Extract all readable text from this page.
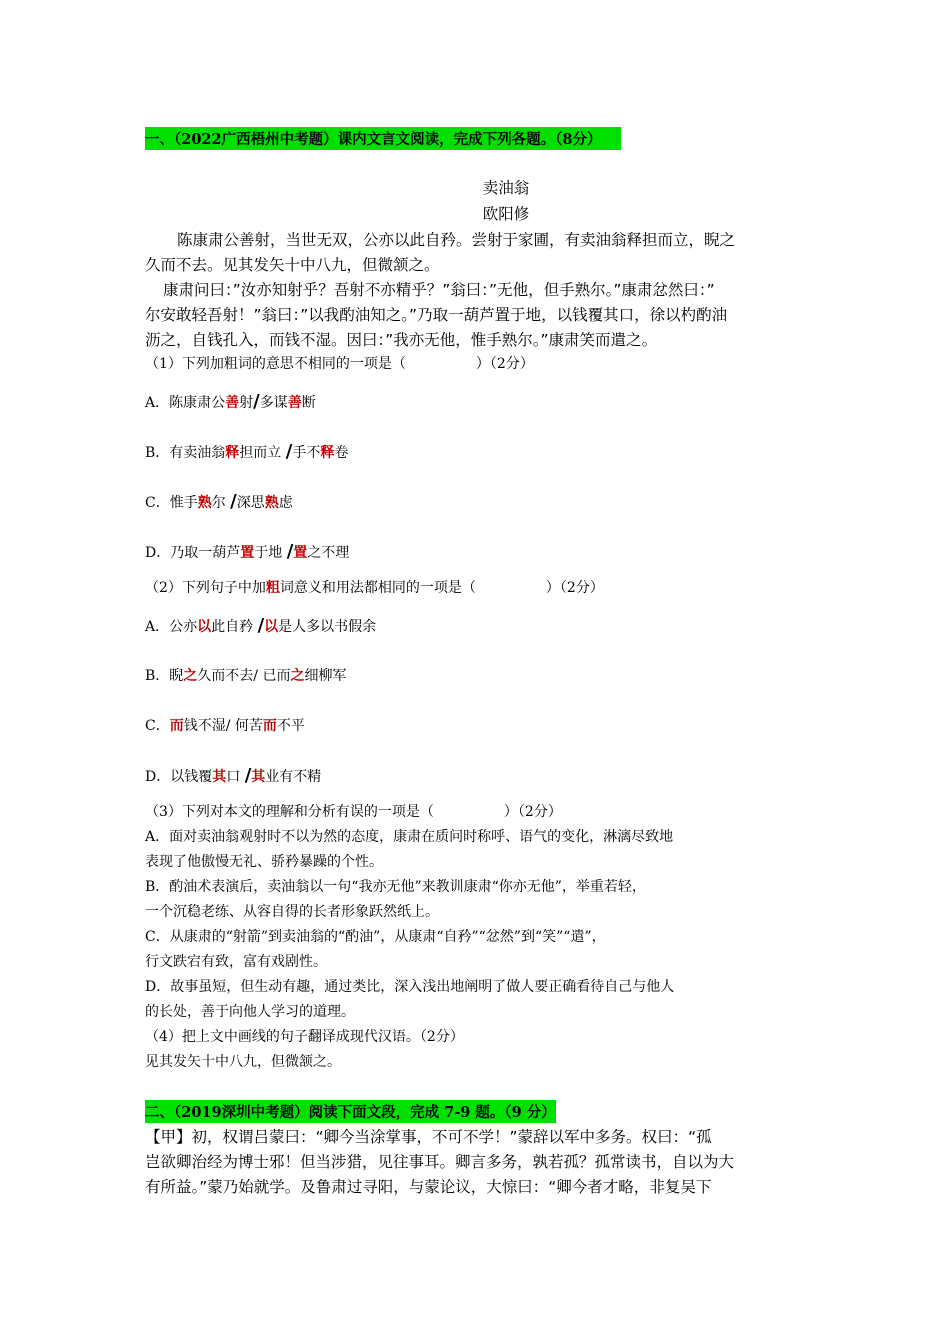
一、（2022广西梧州中考题）课内文言文阅读，完成下列各题。（8分）
卖油翁
欧阳修
陈康肃公善射，当世无双，公亦以此自矜。尝射于家圃，有卖油翁释担而立，睨之
久而不去。见其发矢十中八九，但微颔之。
康肃问曰：”汝亦知射乎？吾射不亦精乎？”翁曰：”无他，但手熟尔。”康肃忿然曰：”
尔安敢轻吾射！”翁曰：”以我酌油知之。”乃取一葫芦置于地，以钱覆其口，徐以杓酌油
沥之，自钱孔入，而钱不湿。因曰：”我亦无他，惟手熟尔。”康肃笑而遣之。
（1）下列加粗词的意思不相同的一项是（　　　　　）（2分）
A．陈康肃公善射/多谋善断
B．有卖油翁释担而立 /手不释卷
C．惟手熟尔 /深思熟虑
D．乃取一葫芦置于地 /置之不理
（2）下列句子中加粗词意义和用法都相同的一项是（　　　　　）（2分）
A．公亦以此自矜 /以是人多以书假余
B．睨之久而不去/ 已而之细柳军
C．而钱不湿/ 何苦而不平
D．以钱覆其口 /其业有不精
（3）下列对本文的理解和分析有误的一项是（　　　　　）（2分）
A．面对卖油翁观射时不以为然的态度，康肃在质问时称呼、语气的变化，淋漓尽致地
表现了他傲慢无礼、骄矜暴躁的个性。
B．酌油术表演后，卖油翁以一句“我亦无他”来教训康肃“你亦无他”，举重若轻，
一个沉稳老练、从容自得的长者形象跃然纸上。
C．从康肃的“射箭”到卖油翁的“酌油”，从康肃“自矜”“忿然”到“笑”“遣”，
行文跌宕有致，富有戏剧性。
D．故事虽短，但生动有趣，通过类比，深入浅出地阐明了做人要正确看待自己与他人
的长处，善于向他人学习的道理。
（4）把上文中画线的句子翻译成现代汉语。（2分）
见其发矢十中八九，但微颔之。
二、（2019深圳中考题）阅读下面文段，完成 7-9 题。（9 分）
【甲】初，权谓吕蒙曰：“卿今当涂掌事，不可不学！”蒙辞以军中多务。权曰：“孤
岂欲卿治经为博士邪！但当涉猎，见往事耳。卿言多务，孰若孤？孤常读书，自以为大
有所益。”蒙乃始就学。及鲁肃过寻阳，与蒙论议，大惊曰：“卿今者才略，非复吴下
